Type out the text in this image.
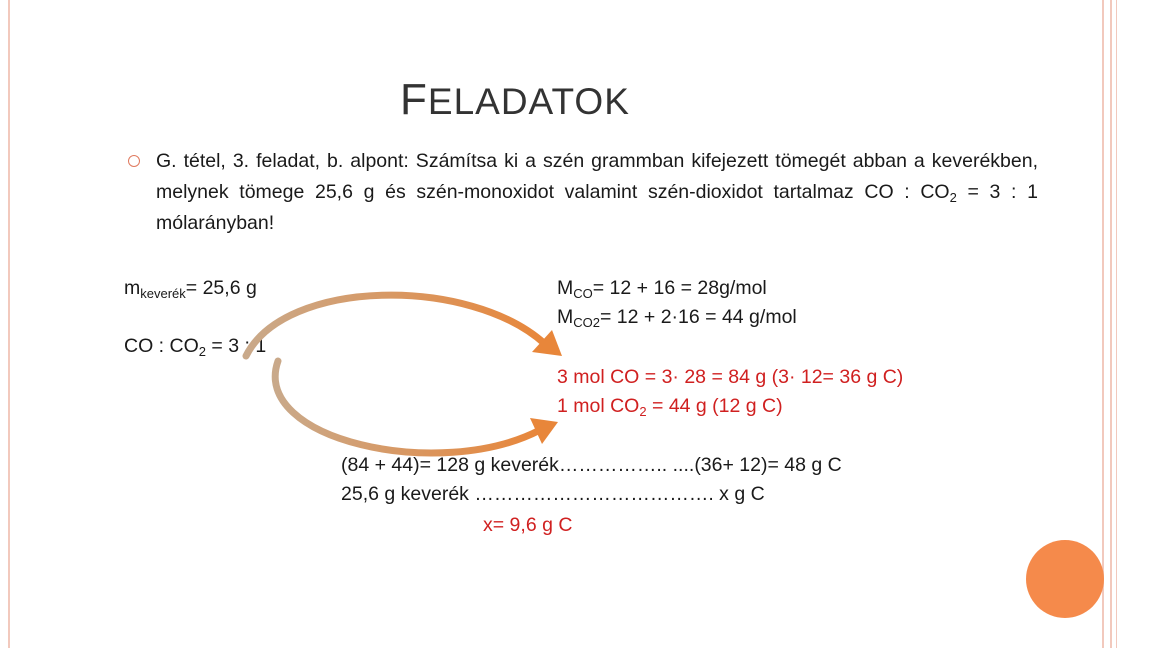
FELADATOK
G. tétel, 3. feladat, b. alpont: Számítsa ki a szén grammban kifejezett tömegét abban a keverékben, melynek tömege 25,6 g és szén-monoxidot valamint szén-dioxidot tartalmaz CO : $CO_2 = 3$ : 1 mólarányban!
$m_{keverék}= 25,6$ g
CO : $CO_2 = 3$ : 1
$M_{CO}= 12 + 16 = 28g/mol$
$M_{CO2}= 12 + 2\cdot 16 = 44$ g/mol
3 mol CO = 3· 28 = 84 g (3· 12= 36 g C)
1 mol $CO_2 = 44$ g (12 g C)
(84 + 44)= 128 g keverék…………….. ....(36+ 12)= 48 g C
25,6 g keverék ………………………………. x g C
x= 9,6 g C
